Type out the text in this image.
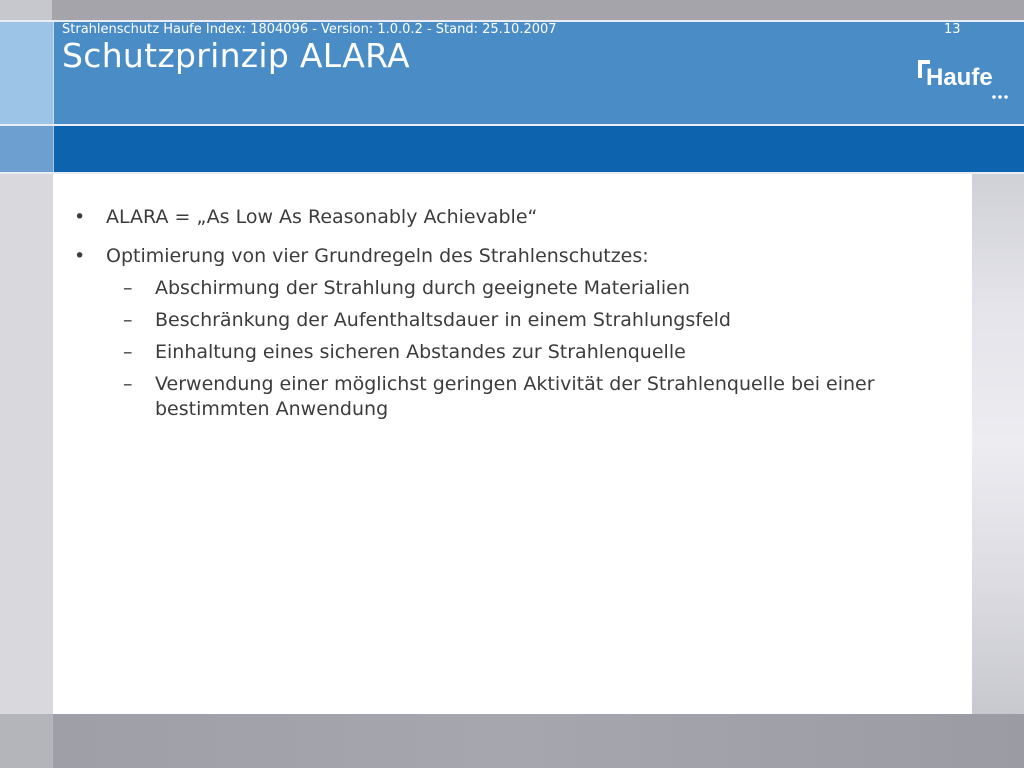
Schutzprinzip ALARA
Haufe
•	ALARA = „As Low As Reasonably Achievable“
•	Optimierung von vier Grundregeln des Strahlenschutzes:
– Abschirmung der Strahlung durch geeignete Materialien
– Beschränkung der Aufenthaltsdauer in einem Strahlungsfeld
– Einhaltung eines sicheren Abstandes zur Strahlenquelle
– Verwendung einer möglichst geringen Aktivität der Strahlenquelle bei einer bestimmten Anwendung
Strahlenschutz Haufe Index: 1804096 - Version: 1.0.0.2 - Stand: 25.10.2007	13
